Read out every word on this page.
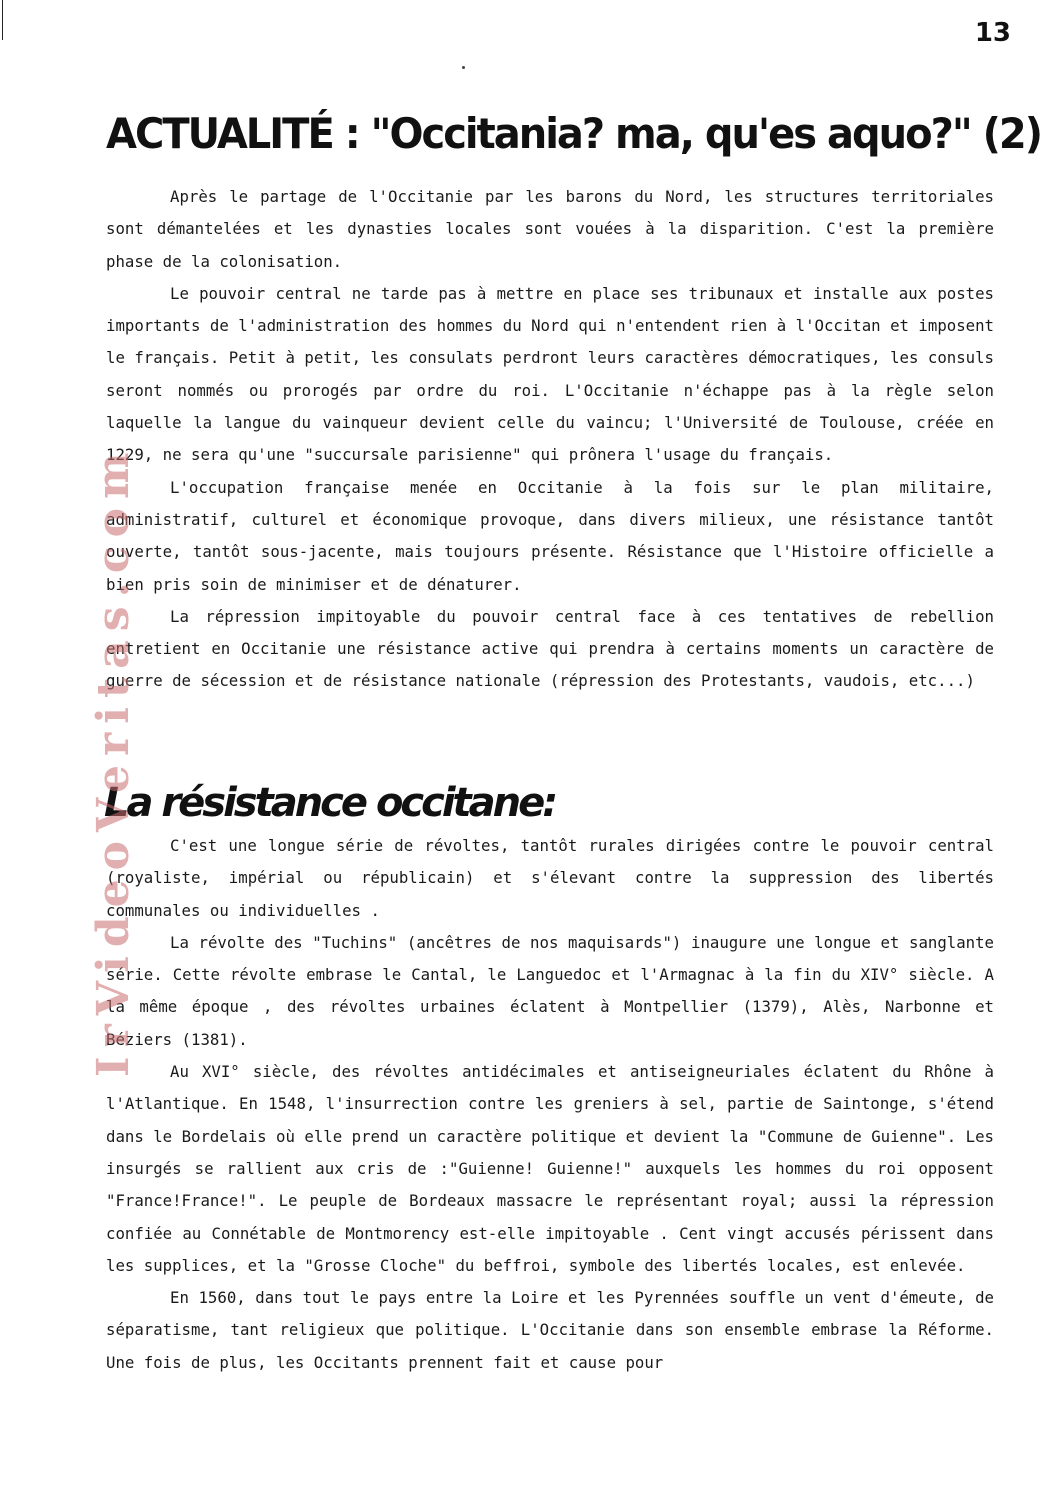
13
ACTUALITÉ : "Occitania? ma, qu'es aquo?" (2)

Après le partage de l'Occitanie par les barons du Nord, les structures territoriales sont démantelées et les dynasties locales sont vouées à la disparition. C'est la première phase de la colonisation.

Le pouvoir central ne tarde pas à mettre en place ses tribunaux et installe aux postes importants de l'administration des hommes du Nord qui n'entendent rien à l'Occitan et imposent le français. Petit à petit, les consulats perdront leurs caractères démocratiques, les consuls seront nommés ou prorogés par ordre du roi. L'Occitanie n'échappe pas à la règle selon laquelle la langue du vainqueur devient celle du vaincu; l'Université de Toulouse, créée en 1229, ne sera qu'une "succursale parisienne" qui prônera l'usage du français.

L'occupation française menée en Occitanie à la fois sur le plan militaire, administratif, culturel et économique provoque, dans divers milieux, une résistance tantôt ouverte, tantôt sous-jacente, mais toujours présente. Résistance que l'Histoire officielle a bien pris soin de minimiser et de dénaturer.

La répression impitoyable du pouvoir central face à ces tentatives de rebellion entretient en Occitanie une résistance active qui prendra à certains moments un caractère de guerre de sécession et de résistance nationale (répression des Protestants, vaudois, etc...)

La résistance occitane:

C'est une longue série de révoltes, tantôt rurales dirigées contre le pouvoir central (royaliste, impérial ou républicain) et s'élevant contre la suppression des libertés communales ou individuelles .

La révolte des "Tuchins" (ancêtres de nos maquisards") inaugure une longue et sanglante série. Cette révolte embrase le Cantal, le Languedoc et l'Armagnac à la fin du XIV° siècle. A la même époque , des révoltes urbaines éclatent à Montpellier (1379), Alès, Narbonne et Béziers (1381).

Au XVI° siècle, des révoltes antidécimales et antiseigneuriales éclatent du Rhône à l'Atlantique. En 1548, l'insurrection contre les greniers à sel, partie de Saintonge, s'étend dans le Bordelais où elle prend un caractère politique et devient la "Commune de Guienne". Les insurgés se rallient aux cris de :"Guienne! Guienne!" auxquels les hommes du roi opposent "France!France!". Le peuple de Bordeaux massacre le représentant royal; aussi la répression confiée au Connétable de Montmorency est-elle impitoyable . Cent vingt accusés périssent dans les supplices, et la "Grosse Cloche" du beffroi, symbole des libertés locales, est enlevée.

En 1560, dans tout le pays entre la Loire et les Pyrennées souffle un vent d'émeute, de séparatisme, tant religieux que politique. L'Occitanie dans son ensemble embrase la Réforme. Une fois de plus, les Occitants prennent fait et cause pour

IrVideoVeritas.com
